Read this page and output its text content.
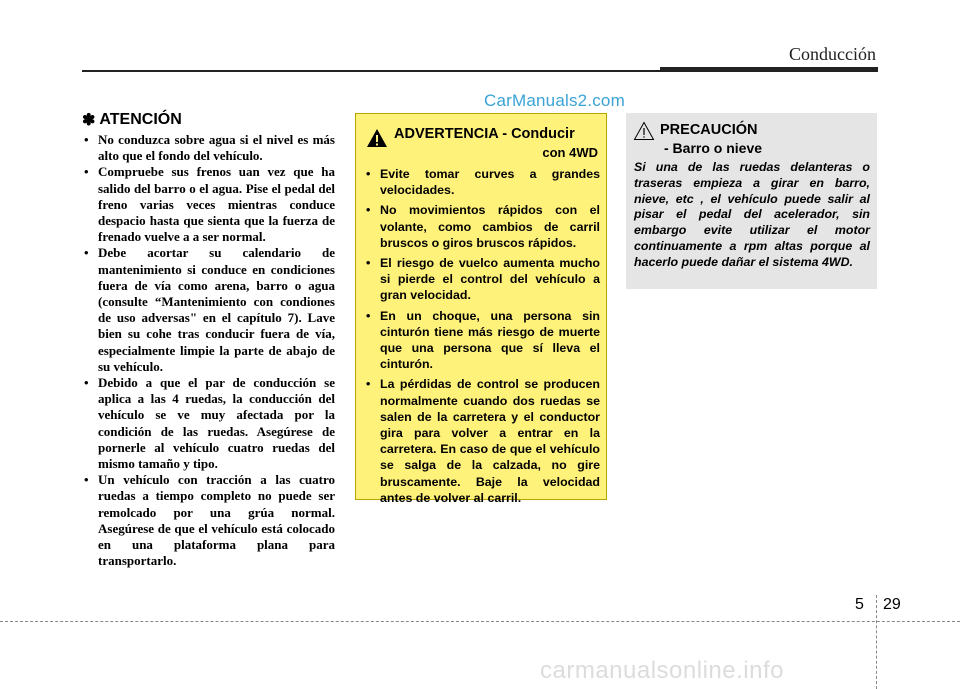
Conducción
CarManuals2.com
✽ ATENCIÓN
• No conduzca sobre agua si el nivel es más alto que el fondo del vehículo.
• Compruebe sus frenos uan vez que ha salido del barro o el agua. Pise el pedal del freno varias veces mientras conduce despacio hasta que sienta que la fuerza de frenado vuelve a a ser normal.
• Debe acortar su calendario de mantenimiento si conduce en condiciones fuera de vía como arena, barro o agua (consulte “Mantenimiento con condiones de uso adversas" en el capítulo 7). Lave bien su cohe tras conducir fuera de vía, especialmente limpie la parte de abajo de su vehículo.
• Debido a que el par de conducción se aplica a las 4 ruedas, la conducción del vehículo se ve muy afectada por la condición de las ruedas. Asegúrese de pornerle al vehículo cuatro ruedas del mismo tamaño y tipo.
• Un vehículo con tracción a las cuatro ruedas a tiempo completo no puede ser remolcado por una grúa normal. Asegúrese de que el vehículo está colocado en una plataforma plana para transportarlo.
ADVERTENCIA - Conducir
con 4WD
• Evite tomar curves a grandes velocidades.
• No movimientos rápidos con el volante, como cambios de carril bruscos o giros bruscos rápidos.
• El riesgo de vuelco aumenta mucho si pierde el control del vehículo a gran velocidad.
• En un choque, una persona sin cinturón tiene más riesgo de muerte que una persona que sí lleva el cinturón.
• La pérdidas de control se producen normalmente cuando dos ruedas se salen de la carretera y el conductor gira para volver a entrar en la carretera. En caso de que el vehículo se salga de la calzada, no gire bruscamente. Baje la velocidad antes de volver al carril.
PRECAUCIÓN
- Barro o nieve
Si una de las ruedas delanteras o traseras empieza a girar en barro, nieve, etc , el vehículo puede salir al pisar el pedal del acelerador, sin embargo evite utilizar el motor continuamente a rpm altas porque al hacerlo puede dañar el sistema 4WD.
5 29
carmanualsonline.info
